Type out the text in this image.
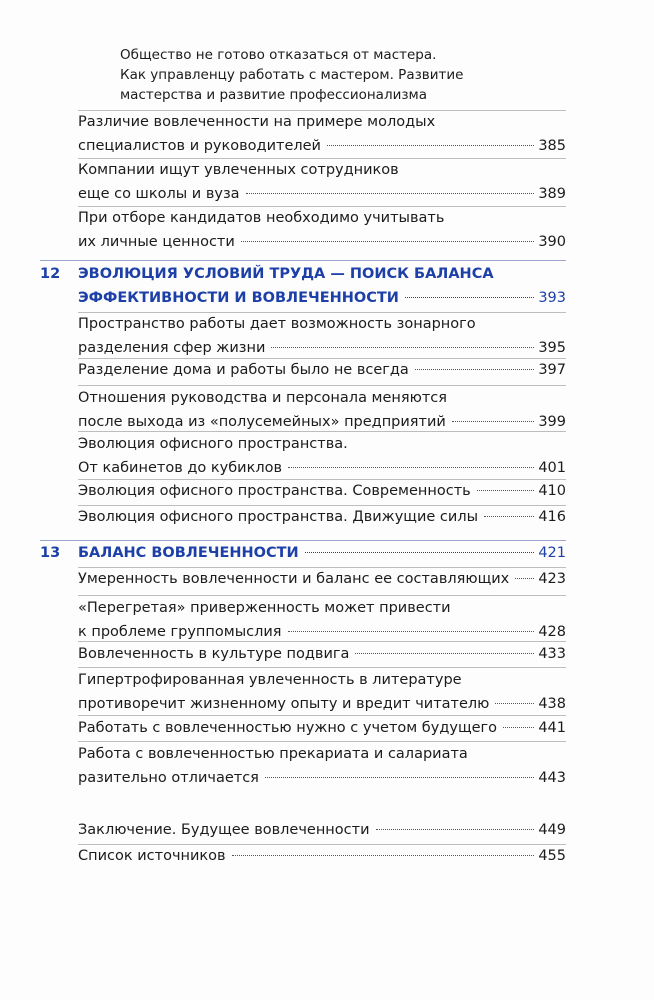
Общество не готово отказаться от мастера.
Как управленцу работать с мастером. Развитие
мастерства и развитие профессионализма
Различие вовлеченности на примере молодых
специалистов и руководителей	385
Компании ищут увлеченных сотрудников
еще со школы и вуза	389
При отборе кандидатов необходимо учитывать
их личные ценности	390
12 ЭВОЛЮЦИЯ УСЛОВИЙ ТРУДА — ПОИСК БАЛАНСА
ЭФФЕКТИВНОСТИ И ВОВЛЕЧЕННОСТИ	393
Пространство работы дает возможность зонарного
разделения сфер жизни	395
Разделение дома и работы было не всегда	397
Отношения руководства и персонала меняются
после выхода из «полусемейных» предприятий	399
Эволюция офисного пространства.
От кабинетов до кубиклов	401
Эволюция офисного пространства. Современность	410
Эволюция офисного пространства. Движущие силы	416
13 БАЛАНС ВОВЛЕЧЕННОСТИ	421
Умеренность вовлеченности и баланс ее составляющих 423
«Перегретая» приверженность может привести
к проблеме группомыслия	428
Вовлеченность в культуре подвига	433
Гипертрофированная увлеченность в литературе
противоречит жизненному опыту и вредит читателю	438
Работать с вовлеченностью нужно с учетом будущего	441
Работа с вовлеченностью прекариата и салариата
разительно отличается	443
Заключение. Будущее вовлеченности	449
Список источников	455
